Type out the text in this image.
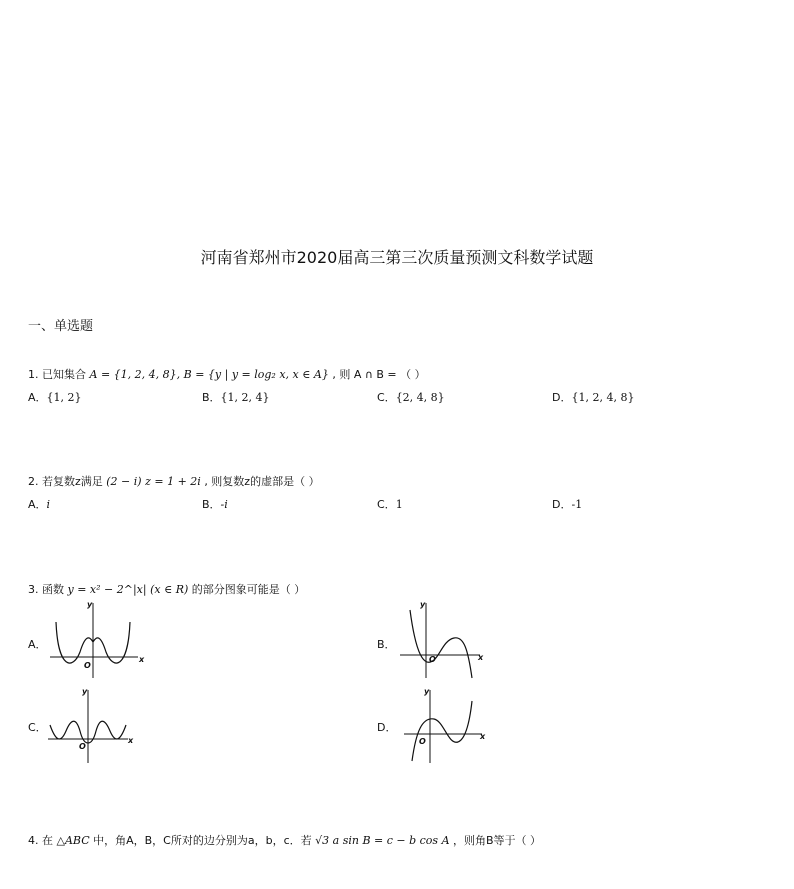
河南省郑州市2020届高三第三次质量预测文科数学试题
一、单选题
1. 已知集合 A = {1, 2, 4, 8}, B = {y | y = log₂ x, x ∈ A} , 则 A ∩ B = （ ）
A．{1, 2}	B．{1, 2, 4}	C．{2, 4, 8}	D．{1, 2, 4, 8}
2. 若复数z满足 (2 − i) z = 1 + 2i , 则复数z的虚部是（ ）
A．i	B．-i	C．1	D．-1
3. 函数 y = x² − 2^|x| (x ∈ R) 的部分图象可能是（ ）
A．
x
y
O
B．
x
y
O
C．
x
y
O
D．
x
y
O
4. 在 △ABC 中，角A，B，C所对的边分别为a，b，c．若 √3 a sin B = c − b cos A ，则角B等于（ ）
